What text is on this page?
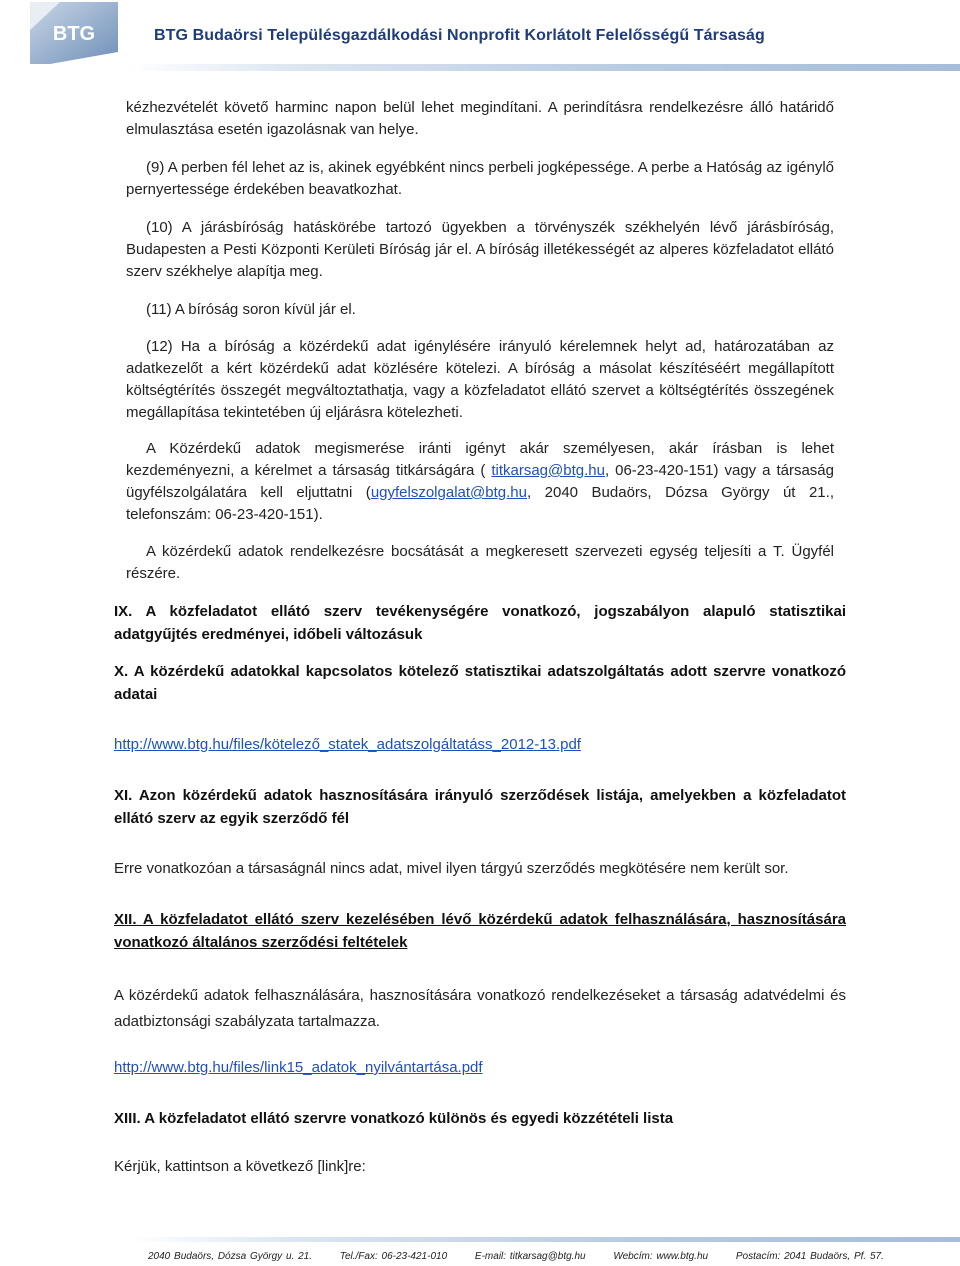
BTG	BTG Budaörsi Településgazdálkodási Nonprofit Korlátolt Felelősségű Társaság
kézhezvételét követő harminc napon belül lehet megindítani. A perindításra rendelkezésre álló határidő elmulasztása esetén igazolásnak van helye.
(9) A perben fél lehet az is, akinek egyébként nincs perbeli jogképessége. A perbe a Hatóság az igénylő pernyertessége érdekében beavatkozhat.
(10) A járásbíróság hatáskörébe tartozó ügyekben a törvényszék székhelyén lévő járásbíróság, Budapesten a Pesti Központi Kerületi Bíróság jár el. A bíróság illetékességét az alperes közfeladatot ellátó szerv székhelye alapítja meg.
(11) A bíróság soron kívül jár el.
(12) Ha a bíróság a közérdekű adat igénylésére irányuló kérelemnek helyt ad, határozatában az adatkezelőt a kért közérdekű adat közlésére kötelezi. A bíróság a másolat készítéséért megállapított költségtérítés összegét megváltoztathatja, vagy a közfeladatot ellátó szervet a költségtérítés összegének megállapítása tekintetében új eljárásra kötelezheti.
A Közérdekű adatok megismerése iránti igényt akár személyesen, akár írásban is lehet kezdeményezni, a kérelmet a társaság titkárságára ( titkarsag@btg.hu, 06-23-420-151) vagy a társaság ügyfélszolgálatára kell eljuttatni (ugyfelszolgalat@btg.hu, 2040 Budaörs, Dózsa György út 21., telefonszám: 06-23-420-151).
A közérdekű adatok rendelkezésre bocsátását a megkeresett szervezeti egység teljesíti a T. Ügyfél részére.
IX. A közfeladatot ellátó szerv tevékenységére vonatkozó, jogszabályon alapuló statisztikai adatgyűjtés eredményei, időbeli változásuk
X. A közérdekű adatokkal kapcsolatos kötelező statisztikai adatszolgáltatás adott szervre vonatkozó adatai
http://www.btg.hu/files/kötelező_statek_adatszolgáltatáss_2012-13.pdf
XI. Azon közérdekű adatok hasznosítására irányuló szerződések listája, amelyekben a közfeladatot ellátó szerv az egyik szerződő fél
Erre vonatkozóan a társaságnál nincs adat, mivel ilyen tárgyú szerződés megkötésére nem került sor.
XII. A közfeladatot ellátó szerv kezelésében lévő közérdekű adatok felhasználására, hasznosítására vonatkozó általános szerződési feltételek
A közérdekű adatok felhasználására, hasznosítására vonatkozó rendelkezéseket a társaság adatvédelmi és adatbiztonsági szabályzata tartalmazza.
http://www.btg.hu/files/link15_adatok_nyilvántartása.pdf
XIII. A közfeladatot ellátó szervre vonatkozó különös és egyedi közzétételi lista
Kérjük, kattintson a következő [link]re:
2040 Budaörs, Dózsa György u. 21.	Tel./Fax: 06-23-421-010	E-mail: titkarsag@btg.hu	Webcím: www.btg.hu	Postacím: 2041 Budaörs, Pf. 57.
